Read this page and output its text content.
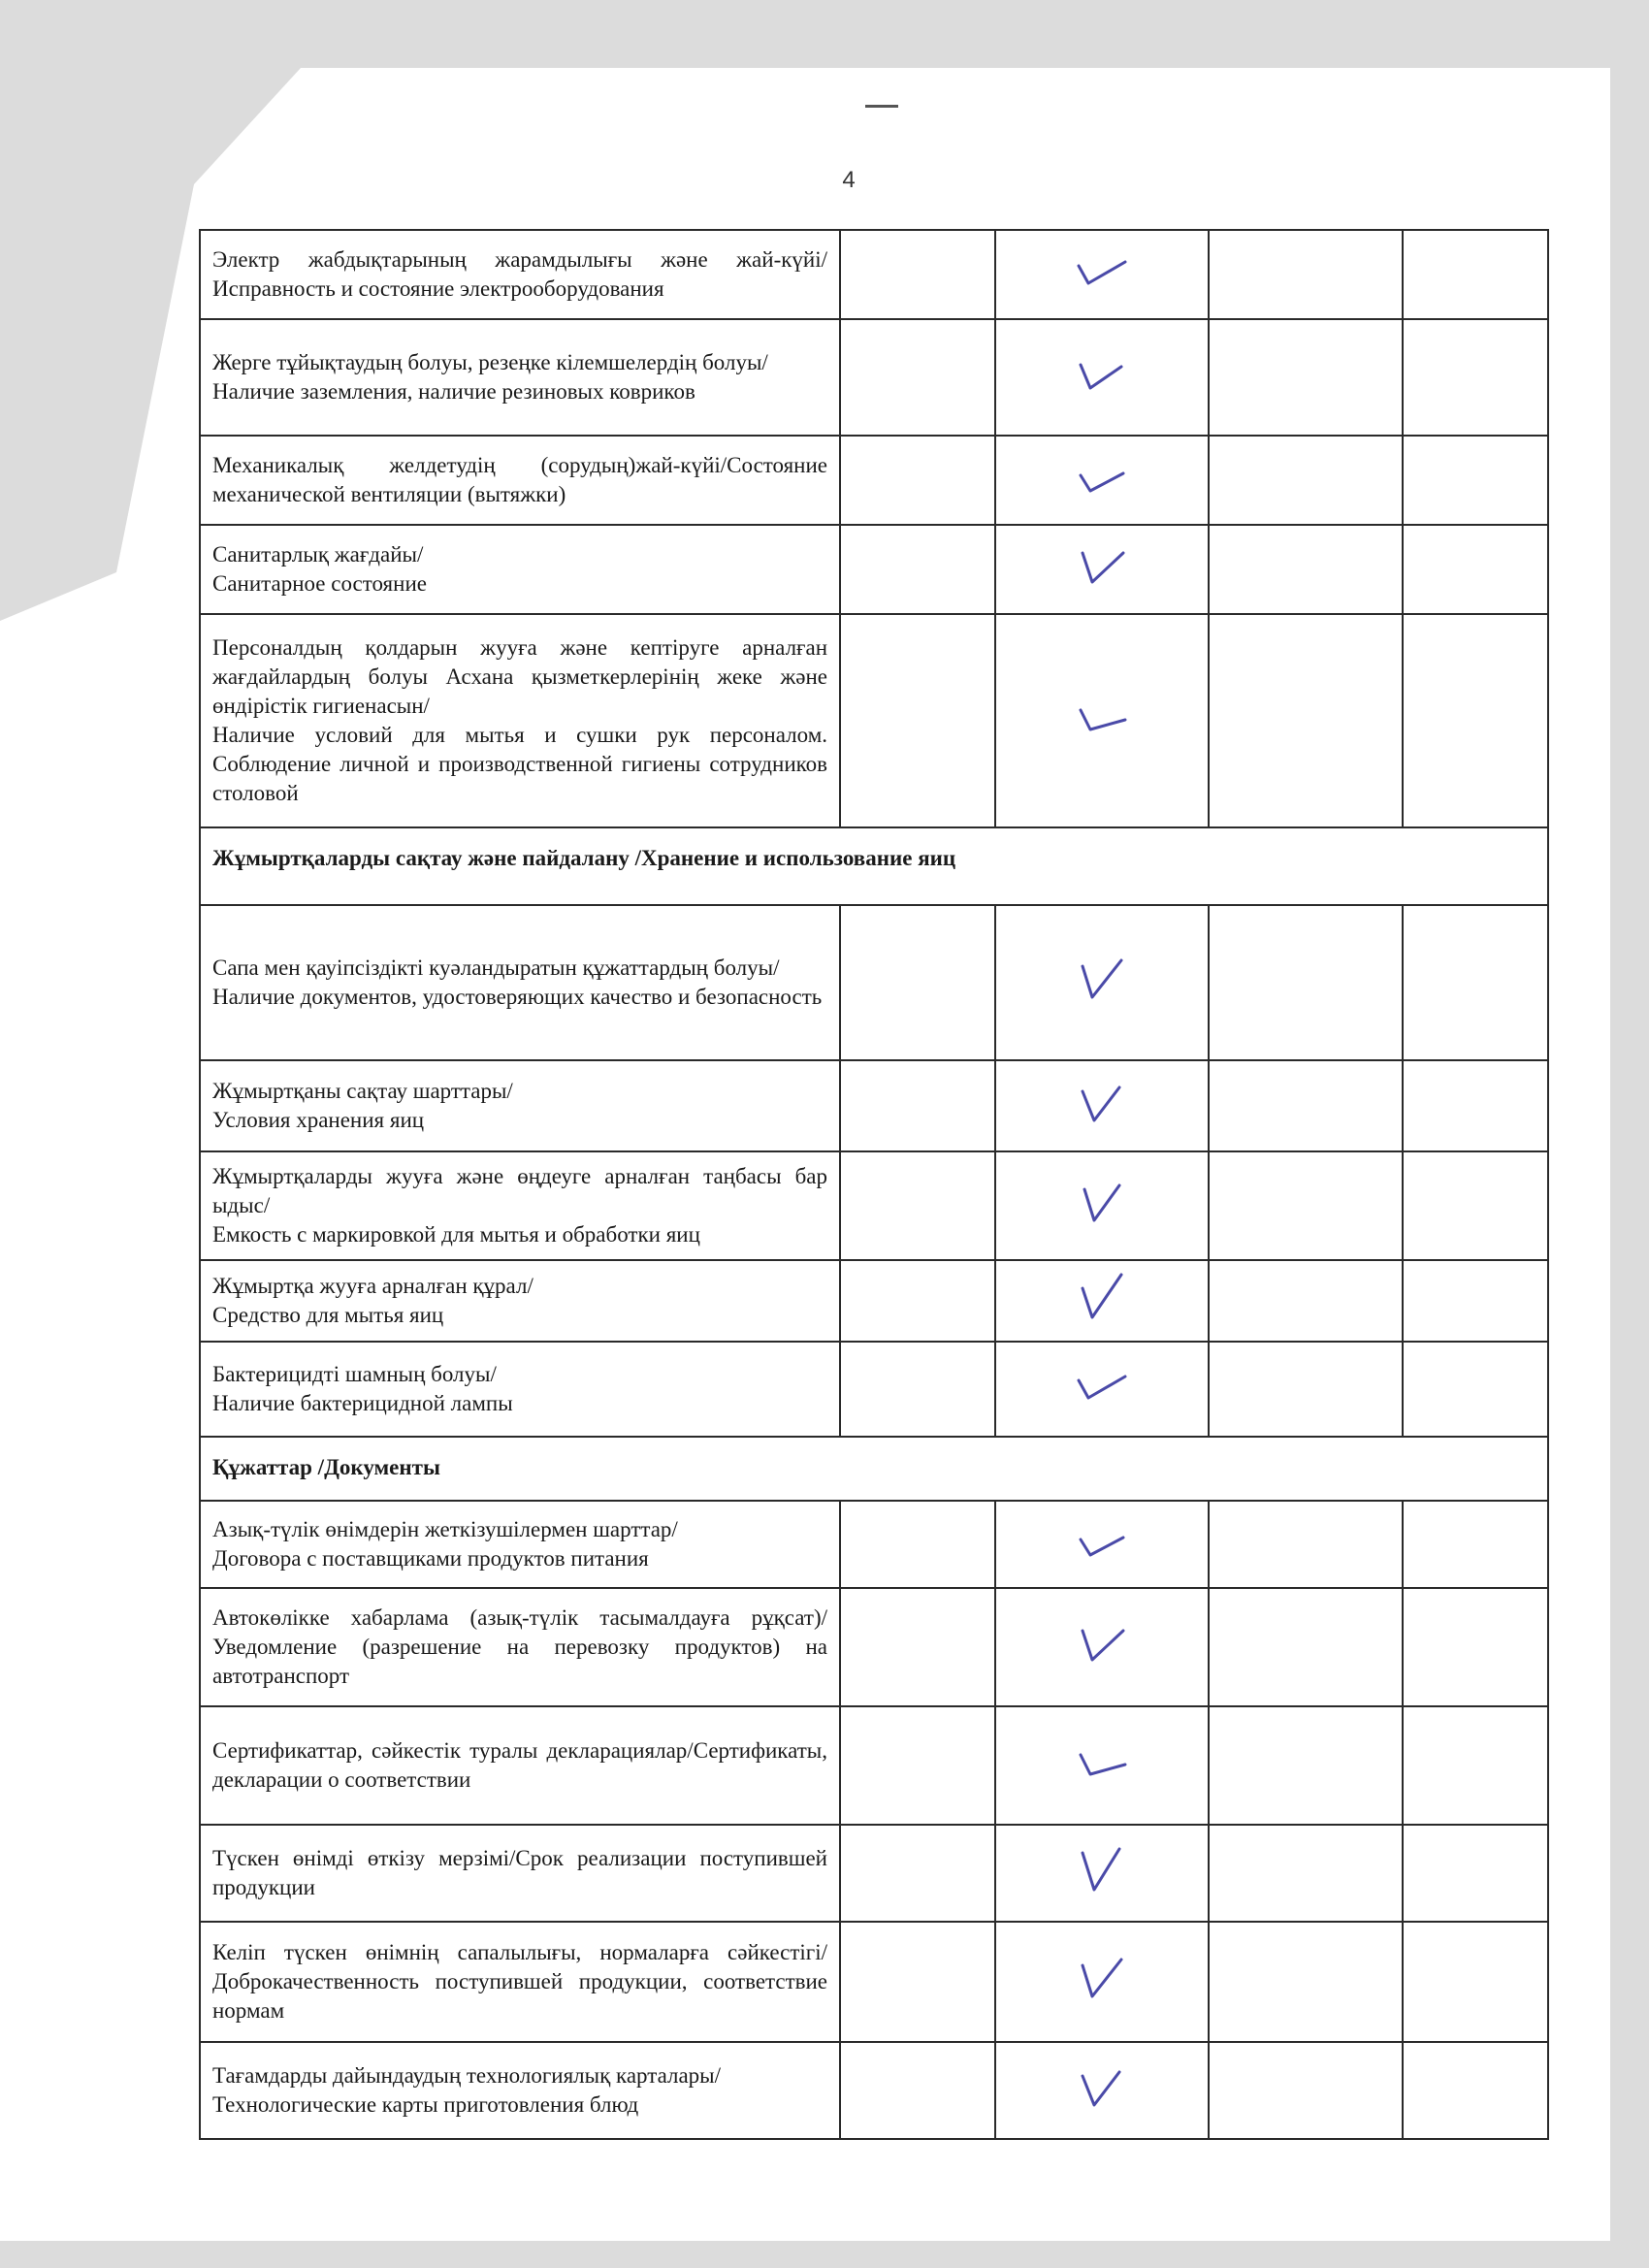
4
Электр жабдықтарының жарамдылығы және жай-күйі/Исправность и состояние электрооборудования

Жерге тұйықтаудың болуы, резеңке кілемшелердің болуы/
Наличие заземления, наличие резиновых ковриков

Механикалық желдетудің (сорудың)жай-күйі/Состояние механической вентиляции (вытяжки)

Санитарлық жағдайы/
Санитарное состояние

Персоналдың қолдарын жууға және кептіруге арналған жағдайлардың болуы Асхана қызметкерлерінің жеке және өндірістік гигиенасын/
Наличие условий для мытья и сушки рук персоналом. Соблюдение личной и производственной гигиены сотрудников столовой

Жұмыртқаларды сақтау және пайдалану /Хранение и использование яиц				

Сапа мен қауіпсіздікті куәландыратын құжаттардың болуы/
Наличие документов, удостоверяющих качество и безопасность

Жұмыртқаны сақтау шарттары/
Условия хранения яиц

Жұмыртқаларды жууға және өңдеуге арналған таңбасы бар ыдыс/
Емкость с маркировкой для мытья и обработки яиц

Жұмыртқа жууға арналған құрал/
Средство для мытья яиц

Бактерицидті шамның болуы/
Наличие бактерицидной лампы

Құжаттар /Документы				

Азық-түлік өнімдерін жеткізушілермен шарттар/
Договора с поставщиками продуктов питания

Автокөлікке хабарлама (азық-түлік тасымалдауға рұқсат)/ Уведомление (разрешение на перевозку продуктов) на автотранспорт

Сертификаттар, сәйкестік туралы декларациялар/Сертификаты, декларации о соответствии

Түскен өнімді өткізу мерзімі/Срок реализации поступившей продукции

Келіп түскен өнімнің сапалылығы, нормаларға сәйкестігі/ Доброкачественность поступившей продукции, соответствие нормам

Тағамдарды дайындаудың технологиялық карталары/
Технологические карты приготовления блюд
